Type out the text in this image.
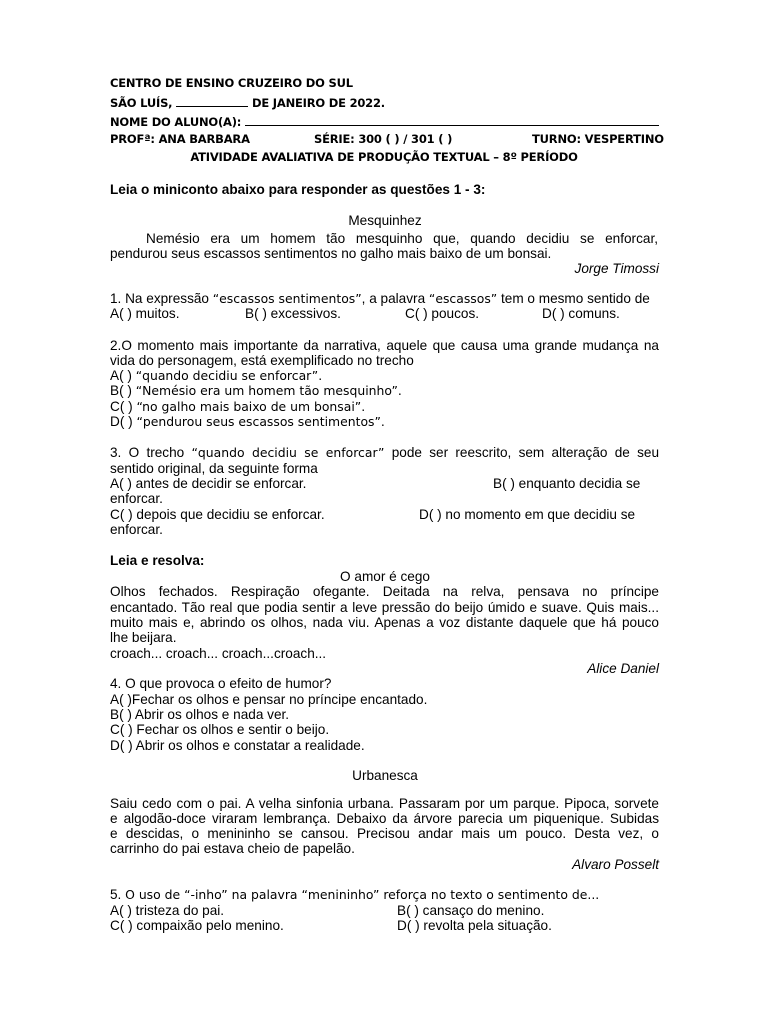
CENTRO DE ENSINO CRUZEIRO DO SUL
SÃO LUÍS,	DE JANEIRO DE 2022.
NOME DO ALUNO(A):
PROFª: ANA BARBARA	SÉRIE: 300 ( ) / 301 ( )	TURNO: VESPERTINO
ATIVIDADE AVALIATIVA DE PRODUÇÃO TEXTUAL – 8º PERÍODO
Leia o miniconto abaixo para responder as questões 1 - 3:
Mesquinhez
Nemésio era um homem tão mesquinho que, quando decidiu se enforcar,
pendurou seus escassos sentimentos no galho mais baixo de um bonsai.
Jorge Timossi
1. Na expressão “escassos sentimentos”, a palavra “escassos” tem o mesmo sentido de
A( ) muitos.	B( ) excessivos.	C( ) poucos.	D( ) comuns.
2.O momento mais importante da narrativa, aquele que causa uma grande mudança na
vida do personagem, está exemplificado no trecho
A( ) “quando decidiu se enforcar”.
B( ) “Nemésio era um homem tão mesquinho”.
C( ) “no galho mais baixo de um bonsai”.
D( ) “pendurou seus escassos sentimentos”.
3. O trecho “quando decidiu se enforcar” pode ser reescrito, sem alteração de seu
sentido original, da seguinte forma
A( ) antes de decidir se enforcar.	B( ) enquanto decidia se
enforcar.
C( ) depois que decidiu se enforcar.	D( ) no momento em que decidiu se
enforcar.
Leia e resolva:
O amor é cego
Olhos fechados. Respiração ofegante. Deitada na relva, pensava no príncipe
encantado. Tão real que podia sentir a leve pressão do beijo úmido e suave. Quis mais...
muito mais e, abrindo os olhos, nada viu. Apenas a voz distante daquele que há pouco
lhe beijara.
croach... croach... croach...croach...
Alice Daniel
4. O que provoca o efeito de humor?
A( )Fechar os olhos e pensar no príncipe encantado.
B( ) Abrir os olhos e nada ver.
C( ) Fechar os olhos e sentir o beijo.
D( ) Abrir os olhos e constatar a realidade.
Urbanesca
Saiu cedo com o pai. A velha sinfonia urbana. Passaram por um parque. Pipoca, sorvete
e algodão-doce viraram lembrança. Debaixo da árvore parecia um piquenique. Subidas
e descidas, o menininho se cansou. Precisou andar mais um pouco. Desta vez, o
carrinho do pai estava cheio de papelão.
Alvaro Posselt
5. O uso de “-inho” na palavra “menininho” reforça no texto o sentimento de...
A( ) tristeza do pai.	B( ) cansaço do menino.
C( ) compaixão pelo menino.	D( ) revolta pela situação.
